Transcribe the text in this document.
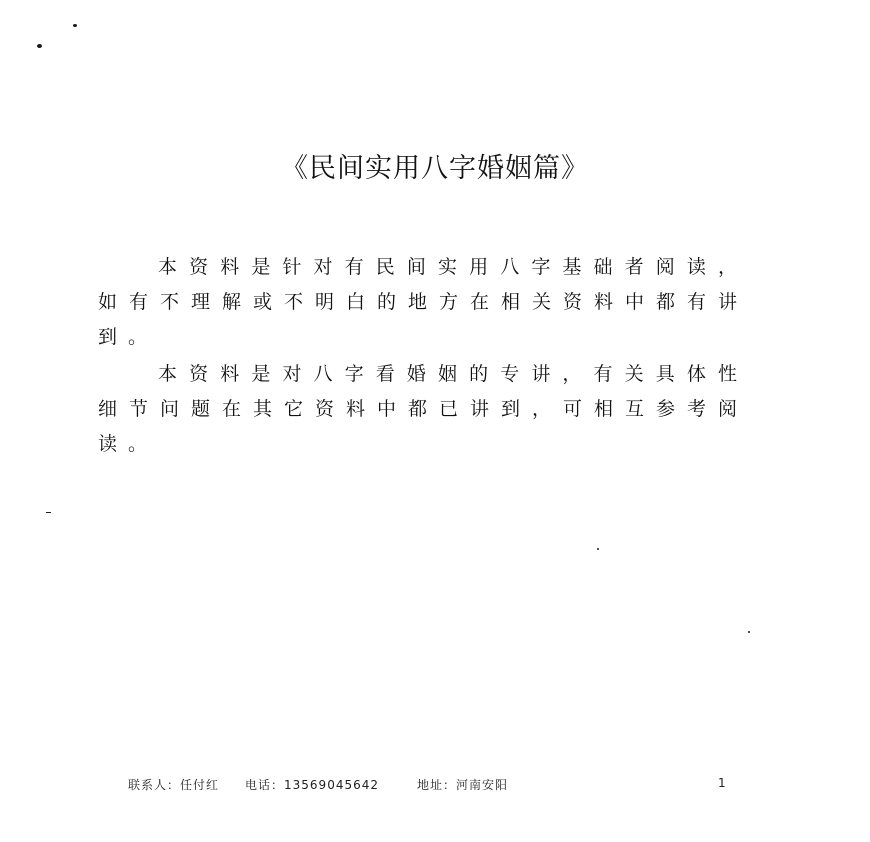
《民间实用八字婚姻篇》

本资料是针对有民间实用八字基础者阅读，如有不理解或不明白的地方在相关资料中都有讲到。

本资料是对八字看婚姻的专讲，有关具体性细节问题在其它资料中都已讲到，可相互参考阅读。

联系人：任付红 电话：13569045642	地址：河南安阳	1
